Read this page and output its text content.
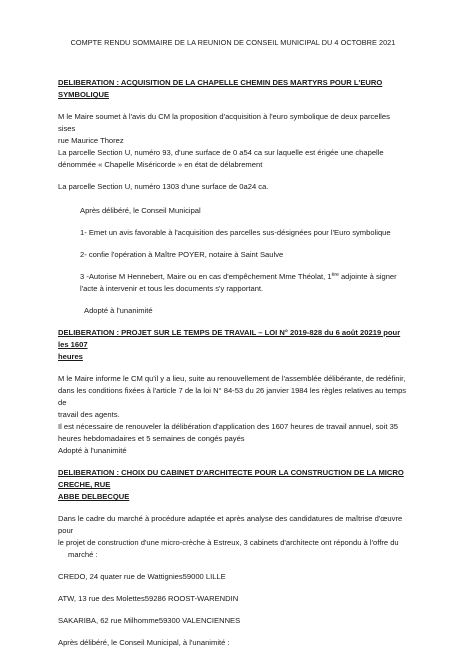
COMPTE RENDU SOMMAIRE DE LA REUNION DE CONSEIL MUNICIPAL DU 4 OCTOBRE 2021

DELIBERATION : ACQUISITION DE LA CHAPELLE CHEMIN DES MARTYRS POUR L'EURO SYMBOLIQUE

M le Maire soumet à l'avis du CM la proposition d'acquisition à l'euro symbolique de deux parcelles sises

rue Maurice Thorez

La parcelle Section U, numéro 93, d'une surface de 0 a54 ca sur laquelle est érigée une chapelle

dénommée « Chapelle Miséricorde » en état de délabrement

La parcelle Section U, numéro 1303 d'une surface de 0a24 ca.

Après délibéré, le Conseil Municipal

1- Emet un avis favorable à l'acquisition des parcelles sus-désignées pour l'Euro symbolique

2- confie l'opération à Maître POYER, notaire à Saint Saulve

3 -Autorise M Hennebert, Maire ou en cas d'empêchement Mme Théolat, 1ère adjointe à signer

l'acte à intervenir et tous les documents s'y rapportant.

Adopté à l'unanimité

DELIBERATION : PROJET SUR LE TEMPS DE TRAVAIL – LOI N° 2019-828 du 6 août 20219 pour les 1607

heures

M le Maire informe le CM qu'il y a lieu, suite au renouvellement de l'assemblée délibérante, de redéfinir,

dans les conditions fixées à l'article 7 de la loi N° 84-53 du 26 janvier 1984 les règles relatives au temps de

travail des agents.

Il est nécessaire de renouveler la délibération d'application des 1607 heures de travail annuel, soit 35

heures hebdomadaires et 5 semaines de congés payés

Adopté à l'unanimité

DELIBERATION : CHOIX DU CABINET D'ARCHITECTE POUR LA CONSTRUCTION DE LA MICRO CRECHE, RUE

ABBE DELBECQUE

Dans le cadre du marché à procédure adaptée et après analyse des candidatures de maîtrise d'œuvre pour

le projet de construction d'une micro-crèche à Estreux, 3 cabinets d'architecte ont répondu à l'offre du

marché :

CREDO, 24 quater rue de Wattignies59000 LILLE

ATW, 13 rue des Molettes59286 ROOST-WARENDIN

SAKARIBA, 62 rue Milhomme59300 VALENCIENNES

Après délibéré, le Conseil Municipal, à l'unanimité :
